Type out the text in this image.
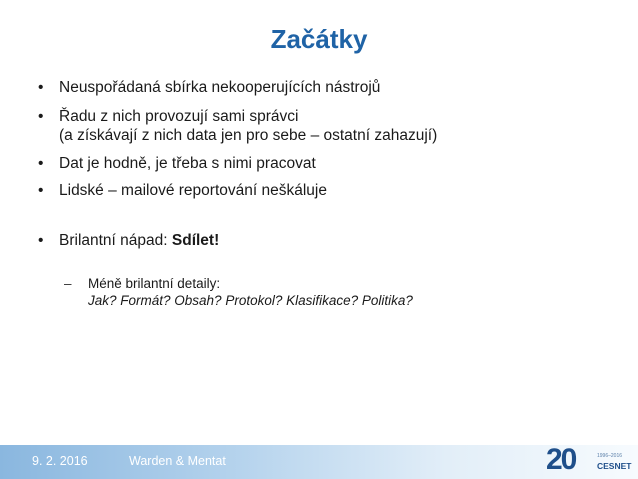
Začátky
•	Neuspořádaná sbírka nekooperujících nástrojů
•	Řadu z nich provozují sami správci
(a získávají z nich data jen pro sebe – ostatní zahazují)
•	Dat je hodně, je třeba s nimi pracovat
•	Lidské – mailové reportování neškáluje
•	Brilantní nápad: Sdílet!
– Méně brilantní detaily:
Jak? Formát? Obsah? Protokol? Klasifikace? Politika?
9. 2. 2016	Warden & Mentat	20	1996–2016
CESNET
